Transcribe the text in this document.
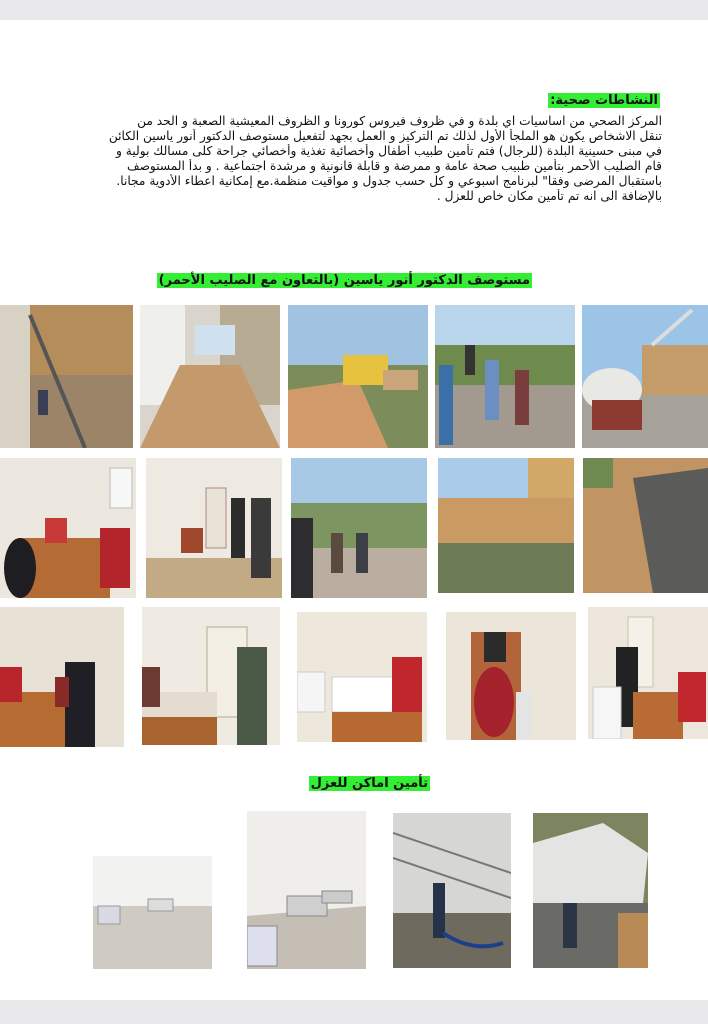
النشاطات صحية:
المركز الصحي من اساسيات اي بلدة و في ظروف فيروس كورونا و الظروف المعيشية الصعبة و الحد من
تنقل الاشخاص يكون هو الملجأ الأول لذلك تم التركيز و العمل بجهد لتفعيل مستوصف الدكتور أنور ياسين الكائن
في مبنى حسينية البلدة (للرجال) فتم تأمين طبيب أطفال وأخصائية تغذية وأخصائي جراحة كلى مسالك بولية و
قام الصليب الأحمر بتأمين طبيب صحة عامة و ممرضة و قابلة قانونية و مرشدة اجتماعية . و بدأ المستوصف
باستقبال المرضى وفقا" لبرنامج اسبوعي و كل حسب جدول و مواقيت منظمة.مع إمكانية اعطاء الأدوية مجانا.
بالإضافة الى انه تم تأمين مكان خاص للعزل .
مستوصف الدكتور أنور ياسين (بالتعاون مع الصليب الأحمر)
تأمين اماكن للعزل
